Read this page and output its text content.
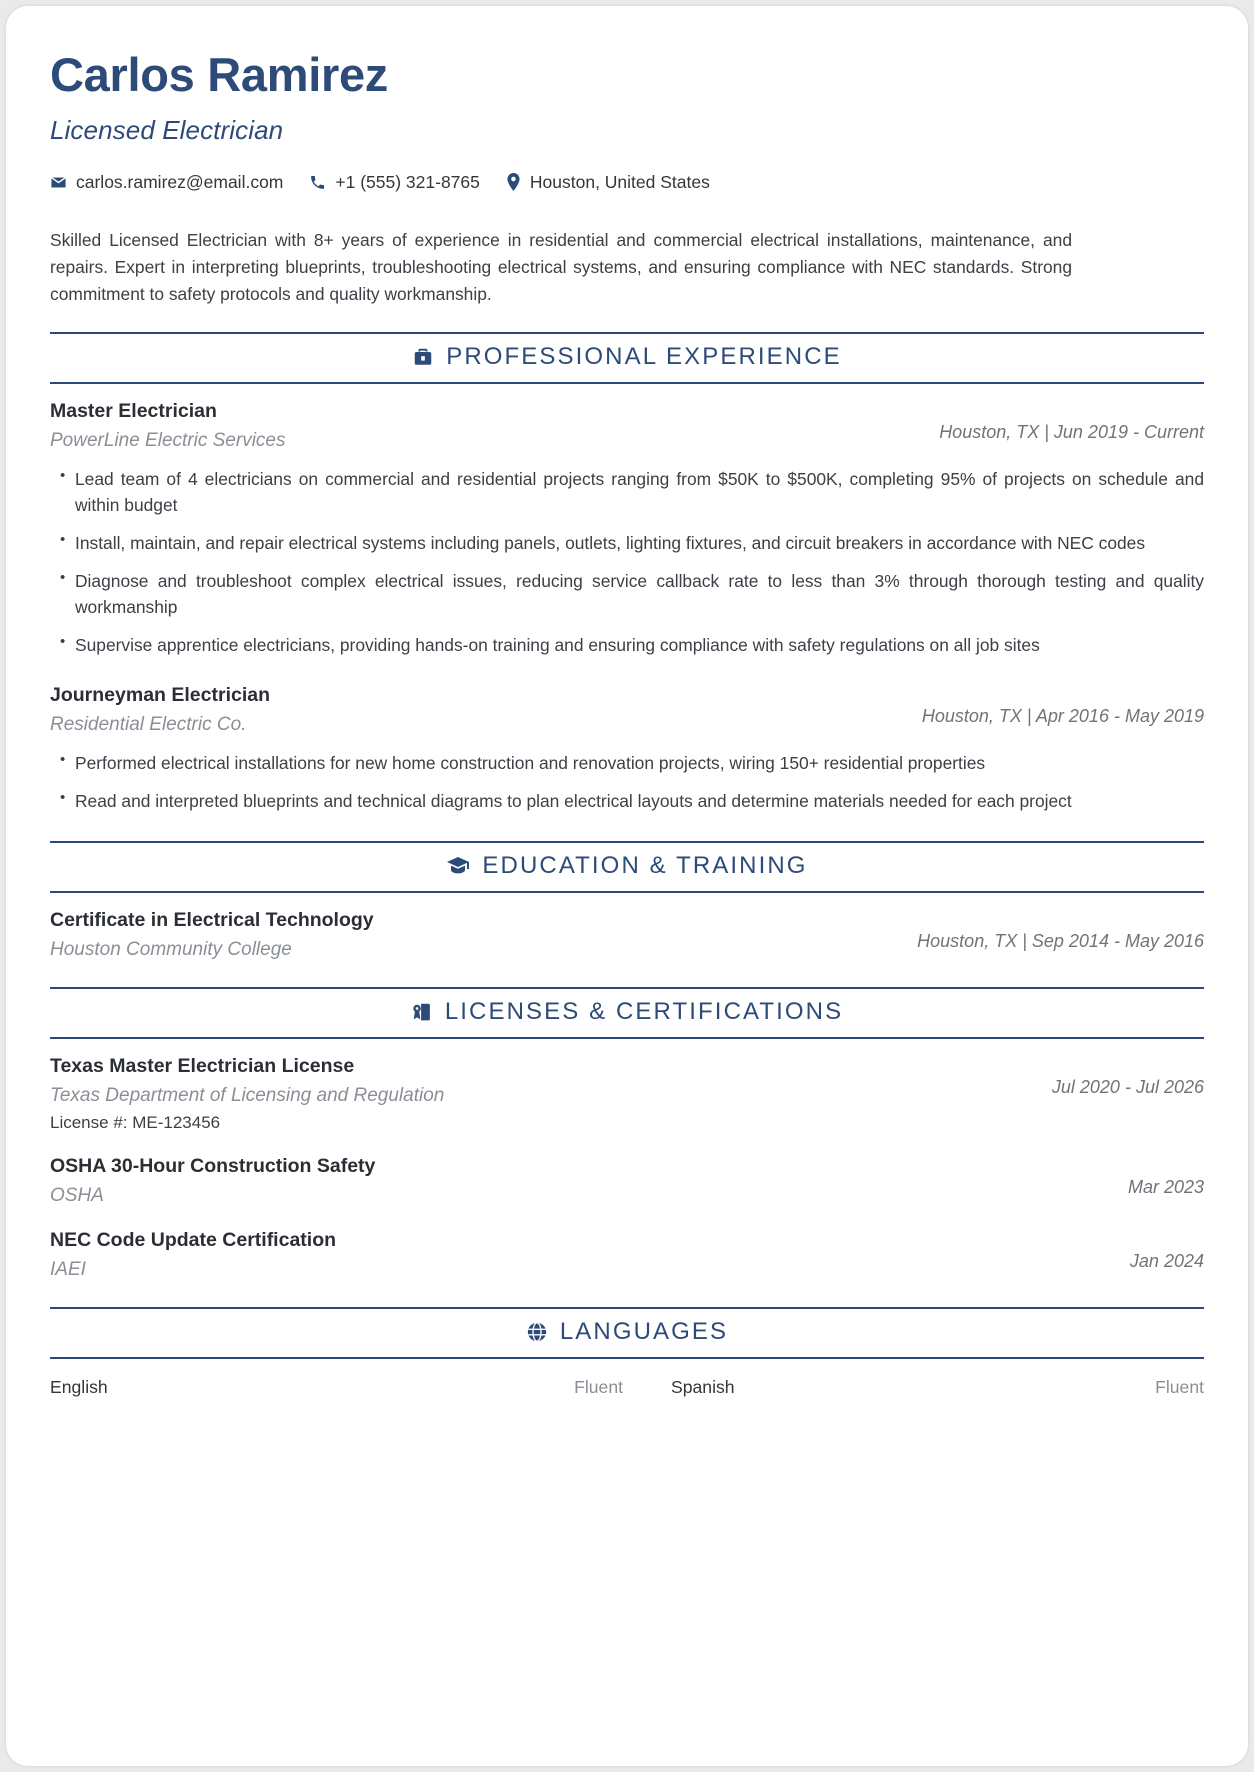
Carlos Ramirez
Licensed Electrician
carlos.ramirez@email.com	+1 (555) 321-8765	Houston, United States
Skilled Licensed Electrician with 8+ years of experience in residential and commercial electrical installations, maintenance, and repairs. Expert in interpreting blueprints, troubleshooting electrical systems, and ensuring compliance with NEC standards. Strong commitment to safety protocols and quality workmanship.
PROFESSIONAL EXPERIENCE
Master Electrician
PowerLine Electric Services	Houston, TX | Jun 2019 - Current
• Lead team of 4 electricians on commercial and residential projects ranging from $50K to $500K, completing 95% of projects on schedule and within budget
• Install, maintain, and repair electrical systems including panels, outlets, lighting fixtures, and circuit breakers in accordance with NEC codes
• Diagnose and troubleshoot complex electrical issues, reducing service callback rate to less than 3% through thorough testing and quality workmanship
• Supervise apprentice electricians, providing hands-on training and ensuring compliance with safety regulations on all job sites
Journeyman Electrician
Residential Electric Co.	Houston, TX | Apr 2016 - May 2019
• Performed electrical installations for new home construction and renovation projects, wiring 150+ residential properties
• Read and interpreted blueprints and technical diagrams to plan electrical layouts and determine materials needed for each project
EDUCATION & TRAINING
Certificate in Electrical Technology
Houston Community College	Houston, TX | Sep 2014 - May 2016
LICENSES & CERTIFICATIONS
Texas Master Electrician License
Texas Department of Licensing and Regulation
License #: ME-123456
Jul 2020 - Jul 2026
OSHA 30-Hour Construction Safety
OSHA	Mar 2023
NEC Code Update Certification
IAEI	Jan 2024
LANGUAGES
English	Fluent	Spanish	Fluent
